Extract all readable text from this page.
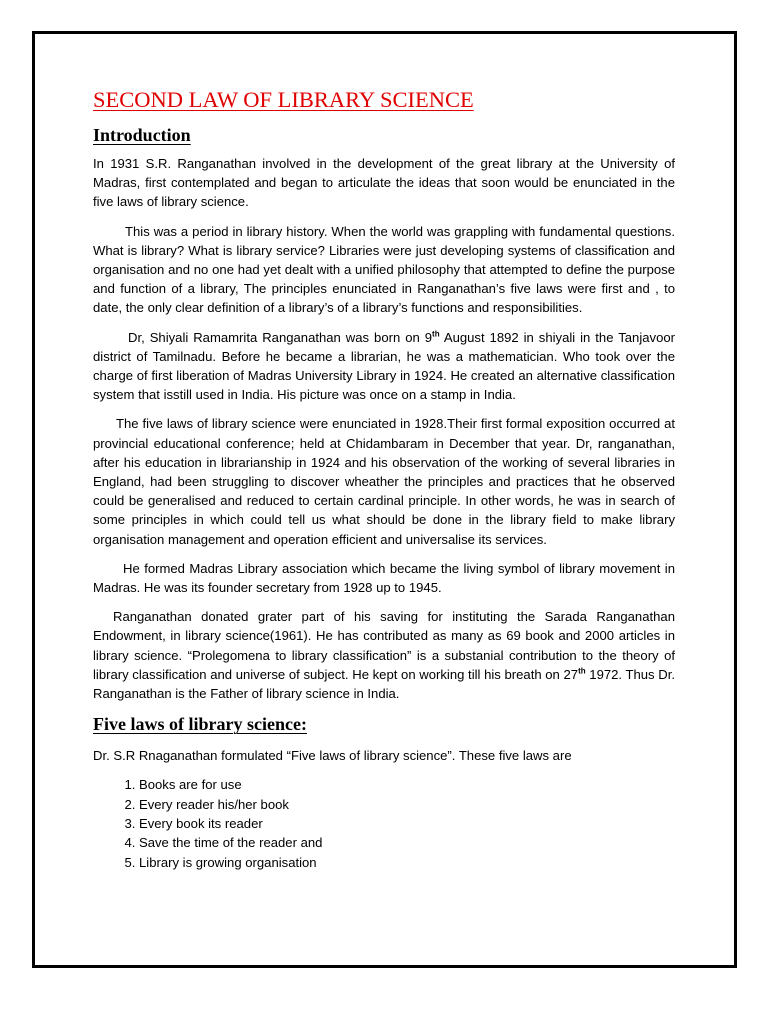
SECOND LAW OF LIBRARY SCIENCE
Introduction

In 1931 S.R. Ranganathan involved in the development of the great library at the University of Madras, first contemplated and began to articulate the ideas that soon would be enunciated in the five laws of library science.

This was a period in library history. When the world was grappling with fundamental questions. What is library? What is library service? Libraries were just developing systems of classification and organisation and no one had yet dealt with a unified philosophy that attempted to define the purpose and function of a library, The principles enunciated in Ranganathan’s five laws were first and , to date, the only clear definition of a library’s of a library’s functions and responsibilities.

Dr, Shiyali Ramamrita Ranganathan was born on 9th August 1892 in shiyali in the Tanjavoor district of Tamilnadu. Before he became a librarian, he was a mathematician. Who took over the charge of first liberation of Madras University Library in 1924. He created an alternative classification system that isstill used in India. His picture was once on a stamp in India.

The five laws of library science were enunciated in 1928.Their first formal exposition occurred at provincial educational conference; held at Chidambaram in December that year. Dr, ranganathan, after his education in librarianship in 1924 and his observation of the working of several libraries in England, had been struggling to discover wheather the principles and practices that he observed could be generalised and reduced to certain cardinal principle. In other words, he was in search of some principles in which could tell us what should be done in the library field to make library organisation management and operation efficient and universalise its services.

He formed Madras Library association which became the living symbol of library movement in Madras. He was its founder secretary from 1928 up to 1945.

Ranganathan donated grater part of his saving for instituting the Sarada Ranganathan Endowment, in library science(1961). He has contributed as many as 69 book and 2000 articles in library science. “Prolegomena to library classification” is a substanial contribution to the theory of library classification and universe of subject. He kept on working till his breath on 27th 1972. Thus Dr. Ranganathan is the Father of library science in India.

Five laws of library science:

Dr. S.R Rnaganathan formulated “Five laws of library science”. These five laws are

1. Books are for use
2. Every reader his/her book
3. Every book its reader
4. Save the time of the reader and
5. Library is growing organisation
